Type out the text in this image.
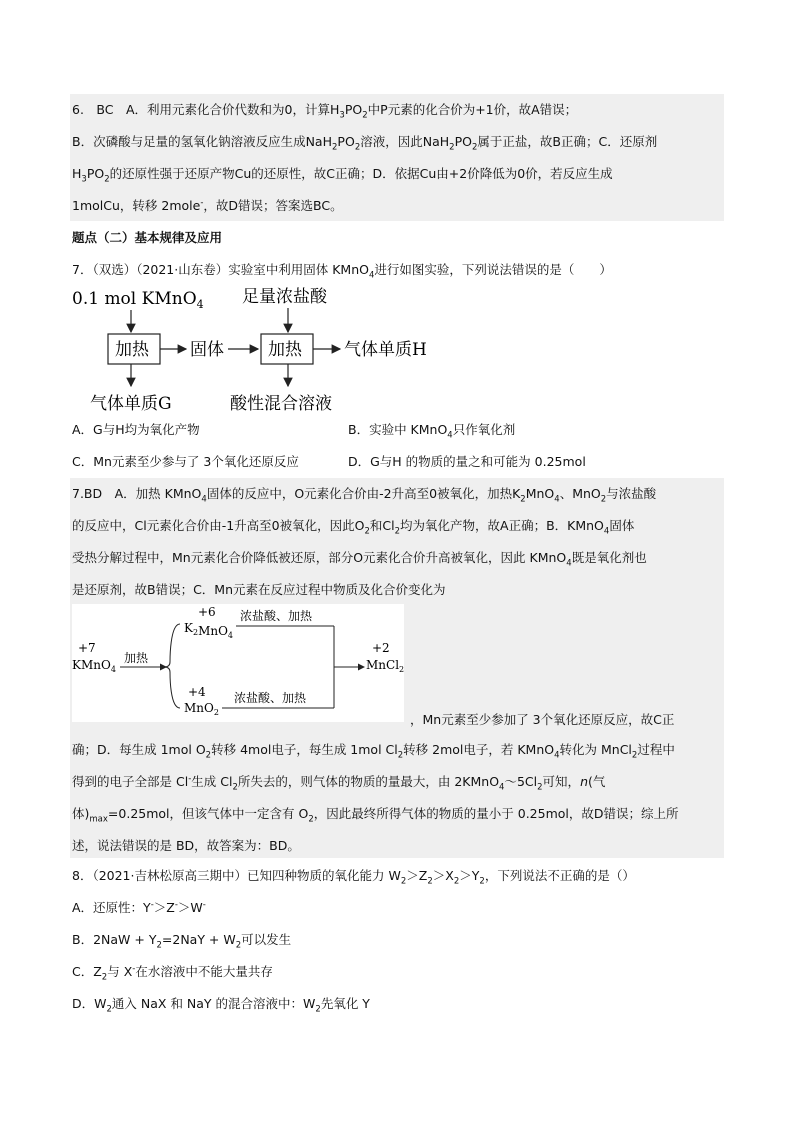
6.　BC　A．利用元素化合价代数和为0，计算$H_3PO_2$中P元素的化合价为+1价，故A错误；
B．次磷酸与足量的氢氧化钠溶液反应生成$NaH_2PO_2$溶液，因此$NaH_2PO_2$属于正盐，故B正确；C．还原剂
$H_3PO_2$的还原性强于还原产物Cu的还原性，故C正确；D．依据Cu由+2价降低为0价，若反应生成
1molCu，转移 2mole-，故D错误；答案选BC。
题点（二）基本规律及应用
7．（双选）（2021·山东卷）实验室中利用固体 KMnO$_4$进行如图实验，下列说法错误的是（　　）
0.1 mol KMnO$_4$ 足量浓盐酸
加热 固体	加热 气体单质H
气体单质G	酸性混合溶液
A．G与H均为氧化产物	B．实验中 KMnO$_4$只作氧化剂
C．Mn元素至少参与了 3个氧化还原反应	D．G与H 的物质的量之和可能为 0.25mol
7.BD　A．加热 KMnO$_4$固体的反应中，O元素化合价由-2升高至0被氧化，加热$K_2MnO_4$、MnO$_2$与浓盐酸
的反应中，Cl元素化合价由-1升高至0被氧化，因此$O_2$和$Cl_2$均为氧化产物，故A正确；B．KMnO$_4$固体
受热分解过程中，Mn元素化合价降低被还原，部分O元素化合价升高被氧化，因此 KMnO$_4$既是氧化剂也
是还原剂，故B错误；C．Mn元素在反应过程中物质及化合价变化为
+7
KMnO$_4$
加热
+6
$K_2MnO_4$
浓盐酸、加热
+4
MnO$_2$
浓盐酸、加热
+2
MnCl$_2$
，Mn元素至少参加了 3个氧化还原反应，故C正
确；D．每生成 1mol $O_2$转移 4mol电子，每生成 1mol $Cl_2$转移 2mol电子，若 KMnO$_4$转化为 MnCl$_2$过程中
得到的电子全部是 Cl-生成 $Cl_2$所失去的，则气体的物质的量最大，由 $2KMnO_4\sim 5Cl_2$可知，n(气
体)$_{max}=0.25mol$，但该气体中一定含有 $O_2$，因此最终所得气体的物质的量小于 0.25mol，故D错误；综上所
述，说法错误的是 BD，故答案为：BD。
8．（2021·吉林松原高三期中）已知四种物质的氧化能力 $W_2>Z_2>X_2>Y_2$，下列说法不正确的是（）
A．还原性：Y-＞Z-＞W-
B．$2NaW + Y_2=2NaY + W_2$可以发生
C．$Z_2$与 X-在水溶液中不能大量共存
D．$W_2$通入 NaX 和 NaY 的混合溶液中：$W_2$先氧化 Y
